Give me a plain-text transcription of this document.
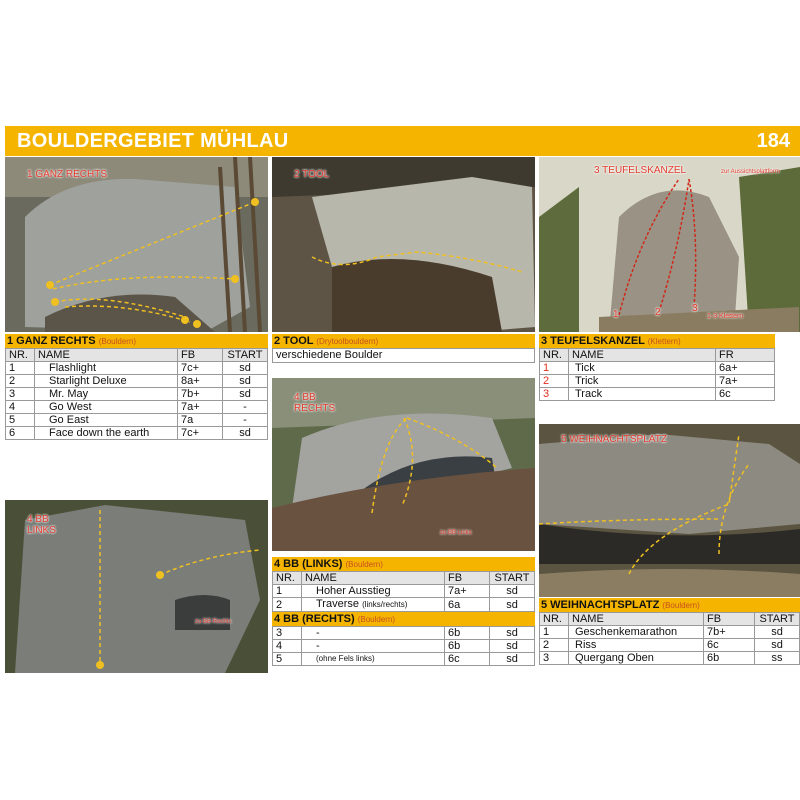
BOULDERGEBIET MÜHLAU	184
1 GANZ RECHTS	2 TOOL	3 TEUFELSKANZEL	zur Aussichtsplattform
1	2	3
1-3 Klettern
1 GANZ RECHTS (Bouldern)
NR.	NAME	FB	START
1	Flashlight	7c+	sd
2	Starlight Deluxe	8a+	sd
3	Mr. May	7b+	sd
4	Go West	7a+	-
5	Go East	7a	-
6	Face down the earth	7c+	sd
2 TOOL (Drytoolbouldern)
verschiedene Boulder
3 TEUFELSKANZEL (Klettern)
NR.	NAME	FR
1	Tick	6a+
2	Trick	7a+
3	Track	6c
4 BB
RECHTS
zu BB Links
4 BB
LINKS
zu BB Rechts
5 WEIHNACHTSPLATZ
4 BB (LINKS) (Bouldern)
NR.	NAME	FB	START
1	Hoher Ausstieg	7a+	sd
2	Traverse (links/rechts)	6a	sd
4 BB (RECHTS) (Bouldern)
3	-	6b	sd
4	-	6b	sd
5	(ohne Fels links)	6c	sd
5 WEIHNACHTSPLATZ (Bouldern)
NR.	NAME	FB	START
1	Geschenkemarathon	7b+	sd
2	Riss	6c	sd
3	Quergang Oben	6b	ss
